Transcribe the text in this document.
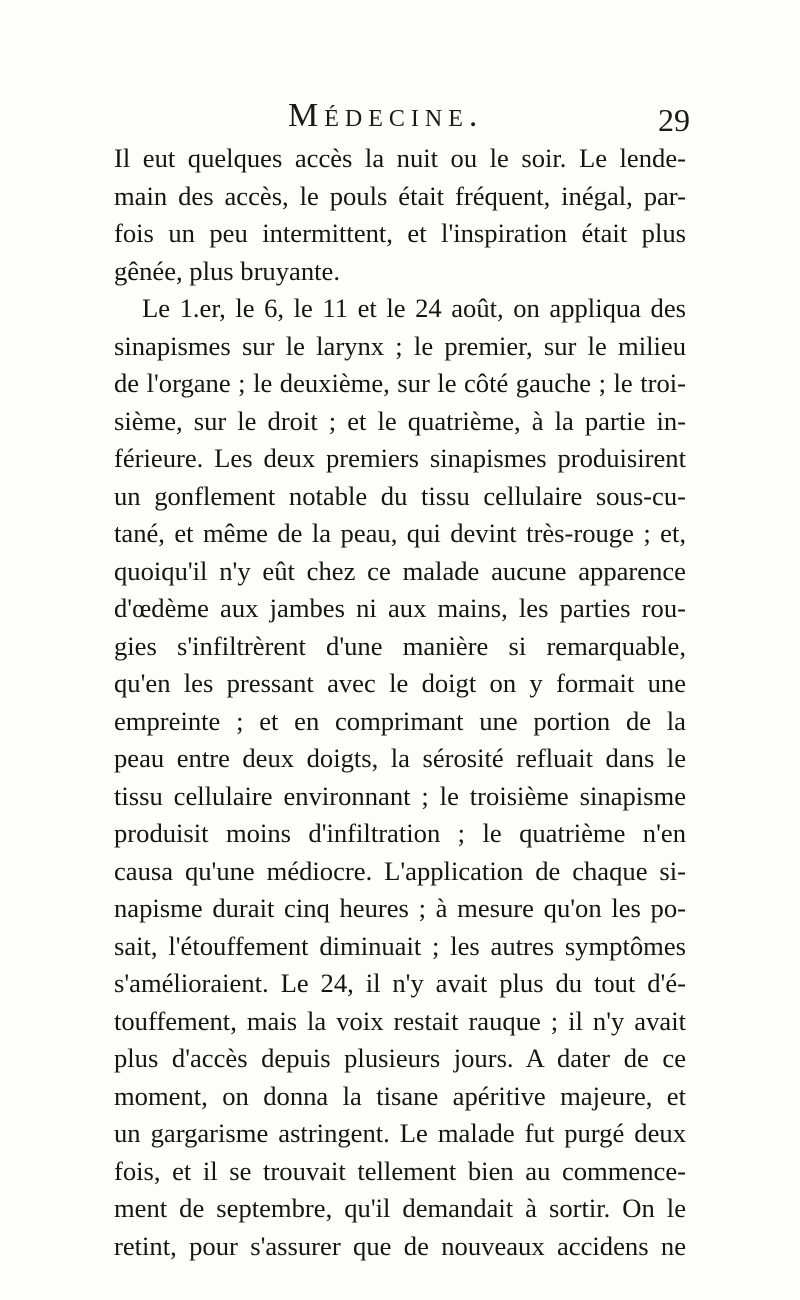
Médecine.	29
Il eut quelques accès la nuit ou le soir. Le lende-
main des accès, le pouls était fréquent, inégal, par-
fois un peu intermittent, et l'inspiration était plus
gênée, plus bruyante.
Le 1.er, le 6, le 11 et le 24 août, on appliqua des
sinapismes sur le larynx ; le premier, sur le milieu
de l'organe ; le deuxième, sur le côté gauche ; le troi-
sième, sur le droit ; et le quatrième, à la partie in-
férieure. Les deux premiers sinapismes produisirent
un gonflement notable du tissu cellulaire sous-cu-
tané, et même de la peau, qui devint très-rouge ; et,
quoiqu'il n'y eût chez ce malade aucune apparence
d'œdème aux jambes ni aux mains, les parties rou-
gies s'infiltrèrent d'une manière si remarquable,
qu'en les pressant avec le doigt on y formait une
empreinte ; et en comprimant une portion de la
peau entre deux doigts, la sérosité refluait dans le
tissu cellulaire environnant ; le troisième sinapisme
produisit moins d'infiltration ; le quatrième n'en
causa qu'une médiocre. L'application de chaque si-
napisme durait cinq heures ; à mesure qu'on les po-
sait, l'étouffement diminuait ; les autres symptômes
s'amélioraient. Le 24, il n'y avait plus du tout d'é-
touffement, mais la voix restait rauque ; il n'y avait
plus d'accès depuis plusieurs jours. A dater de ce
moment, on donna la tisane apéritive majeure, et
un gargarisme astringent. Le malade fut purgé deux
fois, et il se trouvait tellement bien au commence-
ment de septembre, qu'il demandait à sortir. On le
retint, pour s'assurer que de nouveaux accidens ne
